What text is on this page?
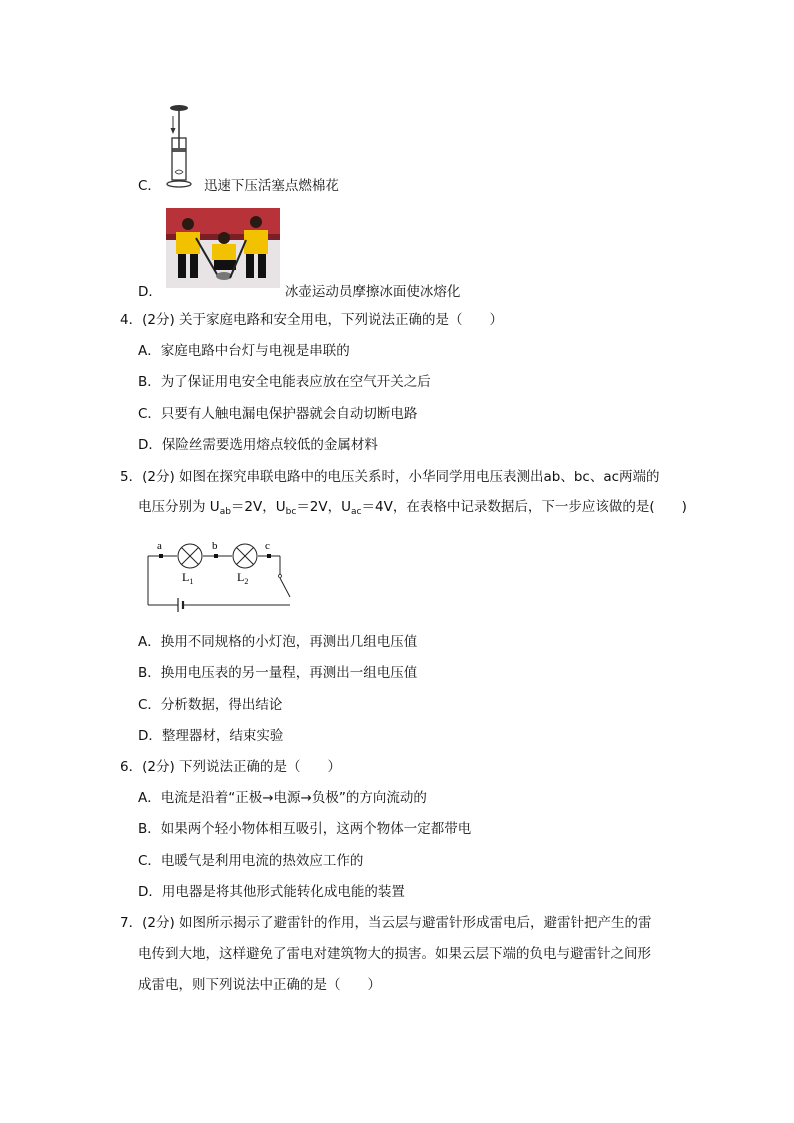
C．	迅速下压活塞点燃棉花
D．	冰壶运动员摩擦冰面使冰熔化
4．(2分) 关于家庭电路和安全用电，下列说法正确的是（　　）
A．家庭电路中台灯与电视是串联的
B．为了保证用电安全电能表应放在空气开关之后
C．只要有人触电漏电保护器就会自动切断电路
D．保险丝需要选用熔点较低的金属材料
5．(2分) 如图在探究串联电路中的电压关系时，小华同学用电压表测出ab、bc、ac两端的
电压分别为 $U_{ab}=2V$，$U_{bc}=2V$，$U_{ac}=4V$，在表格中记录数据后，下一步应该做的是(　　)
a	b	c
$L_1$	$L_2$
A．换用不同规格的小灯泡，再测出几组电压值
B．换用电压表的另一量程，再测出一组电压值
C．分析数据，得出结论
D．整理器材，结束实验
6．(2分) 下列说法正确的是（　　）
A．电流是沿着“正极→电源→负极”的方向流动的
B．如果两个轻小物体相互吸引，这两个物体一定都带电
C．电暖气是利用电流的热效应工作的
D．用电器是将其他形式能转化成电能的装置
7．(2分) 如图所示揭示了避雷针的作用，当云层与避雷针形成雷电后，避雷针把产生的雷
电传到大地，这样避免了雷电对建筑物大的损害。如果云层下端的负电与避雷针之间形
成雷电，则下列说法中正确的是（　　）
